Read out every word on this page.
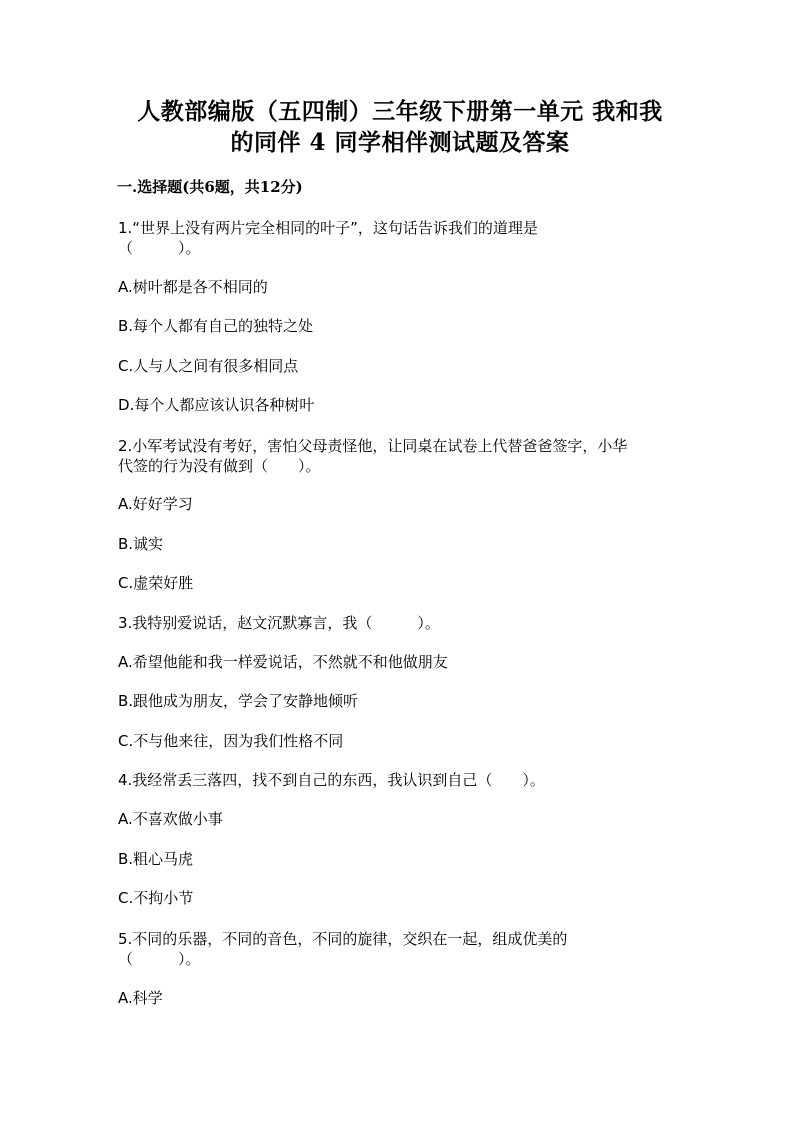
人教部编版（五四制）三年级下册第一单元 我和我
的同伴 4 同学相伴测试题及答案
一.选择题(共6题，共12分)
1.“世界上没有两片完全相同的叶子”，这句话告诉我们的道理是
（　　　）。
A.树叶都是各不相同的
B.每个人都有自己的独特之处
C.人与人之间有很多相同点
D.每个人都应该认识各种树叶
2.小军考试没有考好，害怕父母责怪他，让同桌在试卷上代替爸爸签字，小华
代签的行为没有做到（　　）。
A.好好学习
B.诚实
C.虚荣好胜
3.我特别爱说话，赵文沉默寡言，我（　　　）。
A.希望他能和我一样爱说话，不然就不和他做朋友
B.跟他成为朋友，学会了安静地倾听
C.不与他来往，因为我们性格不同
4.我经常丢三落四，找不到自己的东西，我认识到自己（　　）。
A.不喜欢做小事
B.粗心马虎
C.不拘小节
5.不同的乐器，不同的音色，不同的旋律，交织在一起，组成优美的
（　　　）。
A.科学
